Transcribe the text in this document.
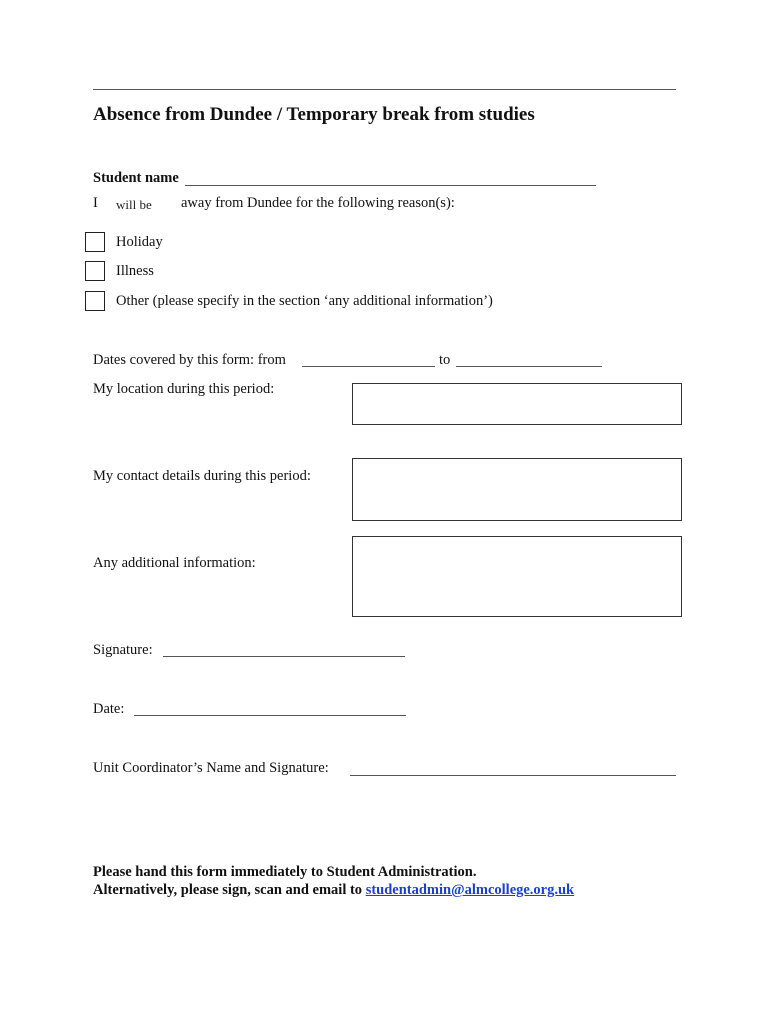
Absence from Dundee / Temporary break from studies
Student name
I will be away from Dundee for the following reason(s):
Holiday
Illness
Other (please specify in the section ‘any additional information’)
Dates covered by this form: from	to
My location during this period:
My contact details during this period:
Any additional information:
Signature:
Date:
Unit Coordinator’s Name and Signature:
Please hand this form immediately to Student Administration.
Alternatively, please sign, scan and email to studentadmin@almcollege.org.uk
